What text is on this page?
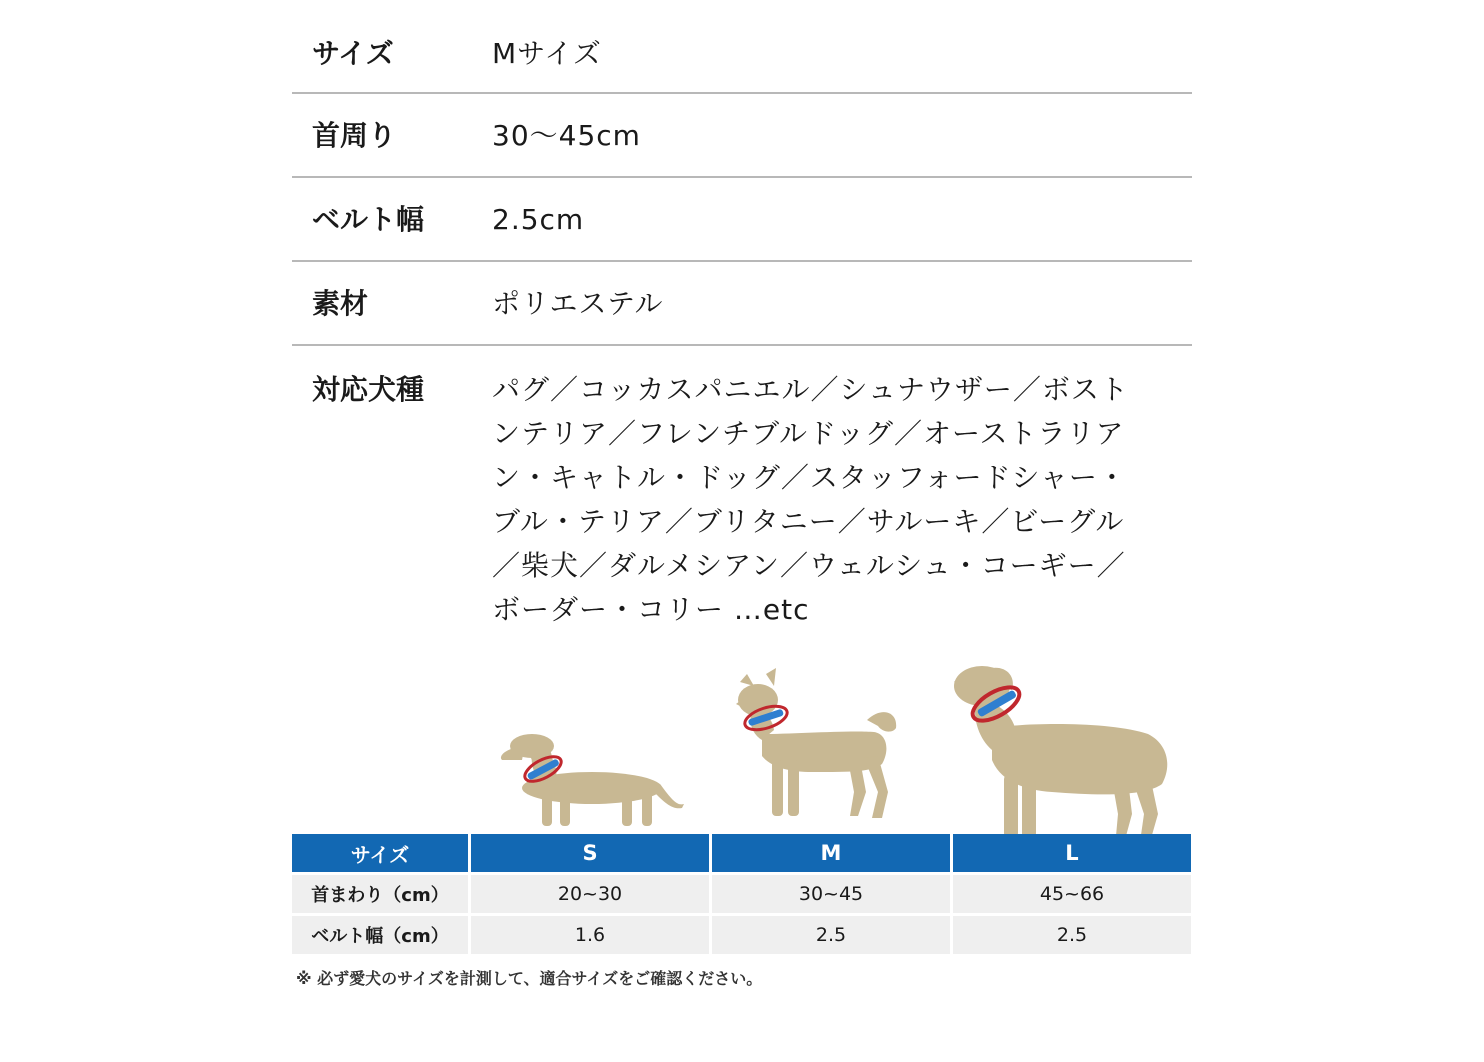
サイズ	Mサイズ
首周り	30〜45cm
ベルト幅	2.5cm
素材	ポリエステル
対応犬種	パグ／コッカスパニエル／シュナウザー／ボストンテリア／フレンチブルドッグ／オーストラリアン・キャトル・ドッグ／スタッフォードシャー・ブル・テリア／ブリタニー／サルーキ／ビーグル／柴犬／ダルメシアン／ウェルシュ・コーギー／ボーダー・コリー …etc
サイズ	S	M	L
首まわり（cm）	20~30	30~45	45~66
ベルト幅（cm）	1.6	2.5	2.5
※ 必ず愛犬のサイズを計測して、適合サイズをご確認ください。
